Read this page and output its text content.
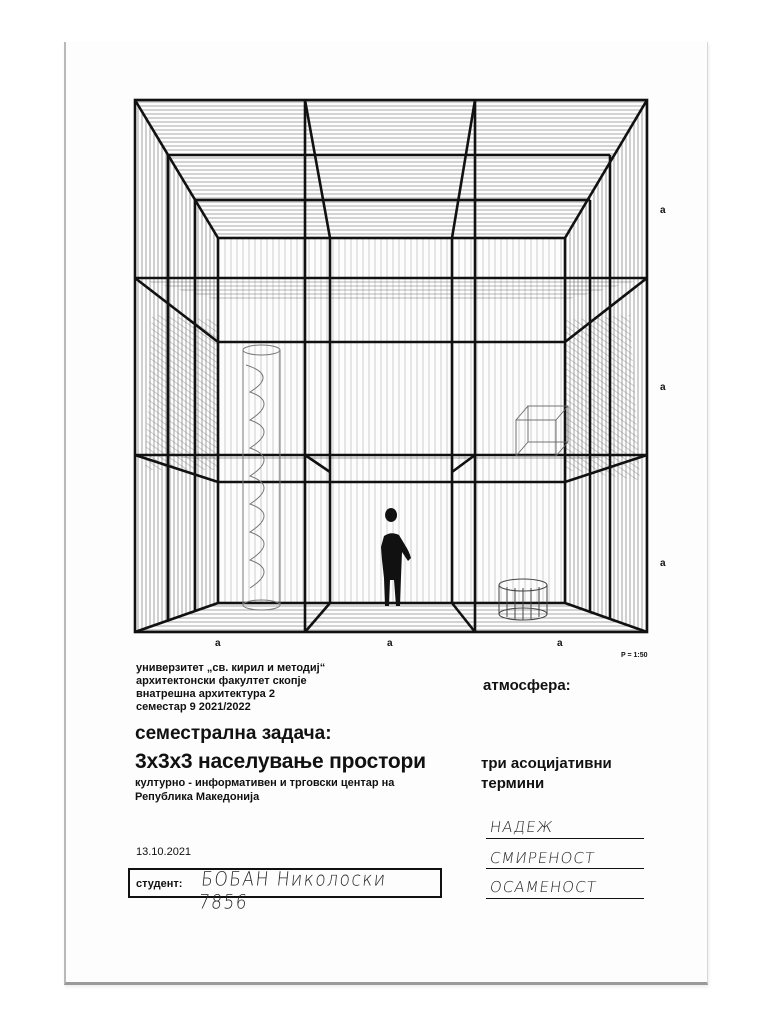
a
a
a
a	a	a
P = 1:50
универзитет „св. кирил и методиј“
архитектонски факултет скопје
внатрешна архитектура 2
семестар 9 2021/2022
семестрална задача:
3x3x3 населување простори
културно - информативен и трговски центар на
Република Македонија
атмосфера:
три асоцијативни
термини
НАДЕЖ
СМИРЕНОСТ
ОСАМЕНОСТ
13.10.2021
студент: БОБАН Николоски 7856
